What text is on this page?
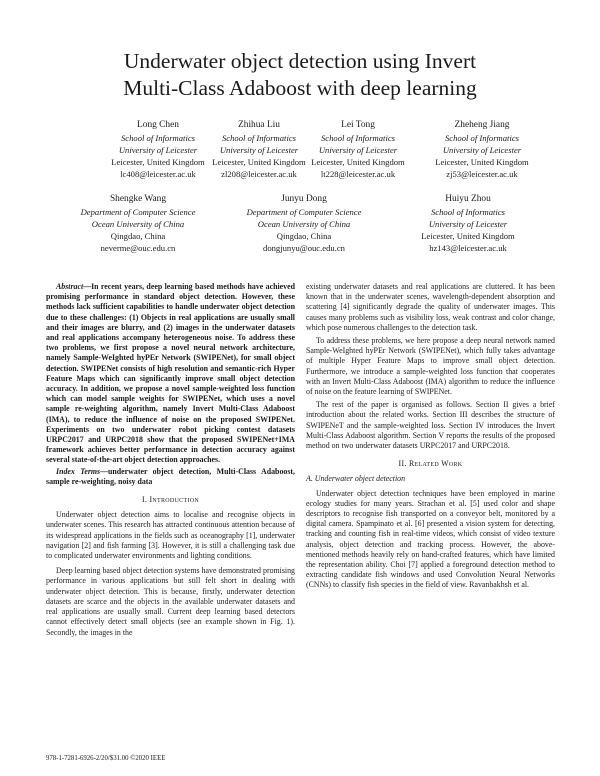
Underwater object detection using Invert
Multi-Class Adaboost with deep learning
Long Chen
School of Informatics
University of Leicester
Leicester, United Kingdom
lc408@leicester.ac.uk
Zhihua Liu
School of Informatics
University of Leicester
Leicester, United Kingdom
zl208@leicester.ac.uk
Lei Tong
School of Informatics
University of Leicester
Leicester, United Kingdom
lt228@leicester.ac.uk
Zheheng Jiang
School of Informatics
University of Leicester
Leicester, United Kingdom
zj53@leicester.ac.uk
Shengke Wang
Department of Computer Science
Ocean University of China
Qingdao, China
neverme@ouc.edu.cn
Junyu Dong
Department of Computer Science
Ocean University of China
Qingdao, China
dongjunyu@ouc.edu.cn
Huiyu Zhou
School of Informatics
University of Leicester
Leicester, United Kingdom
hz143@leicester.ac.uk

Abstract—In recent years, deep learning based methods have achieved promising performance in standard object detection. However, these methods lack sufficient capabilities to handle underwater object detection due to these challenges: (1) Objects in real applications are usually small and their images are blurry, and (2) images in the underwater datasets and real applications accompany heterogeneous noise. To address these two problems, we first propose a novel neural network architecture, namely Sample-WeIghted hyPEr Network (SWIPENet), for small object detection. SWIPENet consists of high resolution and semantic-rich Hyper Feature Maps which can significantly improve small object detection accuracy. In addition, we propose a novel sample-weighted loss function which can model sample weights for SWIPENet, which uses a novel sample re-weighting algorithm, namely Invert Multi-Class Adaboost (IMA), to reduce the influence of noise on the proposed SWIPENet. Experiments on two underwater robot picking contest datasets URPC2017 and URPC2018 show that the proposed SWIPENet+IMA framework achieves better performance in detection accuracy against several state-of-the-art object detection approaches.

Index Terms—underwater object detection, Multi-Class Adaboost, sample re-weighting, noisy data

I. Introduction

Underwater object detection aims to localise and recognise objects in underwater scenes. This research has attracted continuous attention because of its widespread applications in the fields such as oceanography [1], underwater navigation [2] and fish farming [3]. However, it is still a challenging task due to complicated underwater environments and lighting conditions.

Deep learning based object detection systems have demonstrated promising performance in various applications but still felt short in dealing with underwater object detection. This is because, firstly, underwater detection datasets are scarce and the objects in the available underwater datasets and real applications are usually small. Current deep learning based detectors cannot effectively detect small objects (see an example shown in Fig. 1). Secondly, the images in the

existing underwater datasets and real applications are cluttered. It has been known that in the underwater scenes, wavelength-dependent absorption and scattering [4] significantly degrade the quality of underwater images. This causes many problems such as visibility loss, weak contrast and color change, which pose numerous challenges to the detection task.

To address these problems, we here propose a deep neural network named Sample-WeIghted hyPEr Network (SWIPENet), which fully takes advantage of multiple Hyper Feature Maps to improve small object detection. Furthermore, we introduce a sample-weighted loss function that cooperates with an Invert Multi-Class Adaboost (IMA) algorithm to reduce the influence of noise on the feature learning of SWIPENet.

The rest of the paper is organised as follows. Section II gives a brief introduction about the related works. Section III describes the structure of SWIPENeT and the sample-weighted loss. Section IV introduces the Invert Multi-Class Adaboost algorithm. Section V reports the results of the proposed method on two underwater datasets URPC2017 and URPC2018.

II. Related Work
A. Underwater object detection

Underwater object detection techniques have been employed in marine ecology studies for many years. Strachan et al. [5] used color and shape descriptors to recognise fish transported on a conveyor belt, monitored by a digital camera. Spampinato et al. [6] presented a vision system for detecting, tracking and counting fish in real-time videos, which consist of video texture analysis, object detection and tracking process. However, the above-mentioned methods heavily rely on hand-crafted features, which have limited the representation ability. Choi [7] applied a foreground detection method to extracting candidate fish windows and used Convolution Neural Networks (CNNs) to classify fish species in the field of view. Ravanbakhsh et al.

978-1-7281-6926-2/20/$31.00 ©2020 IEEE
